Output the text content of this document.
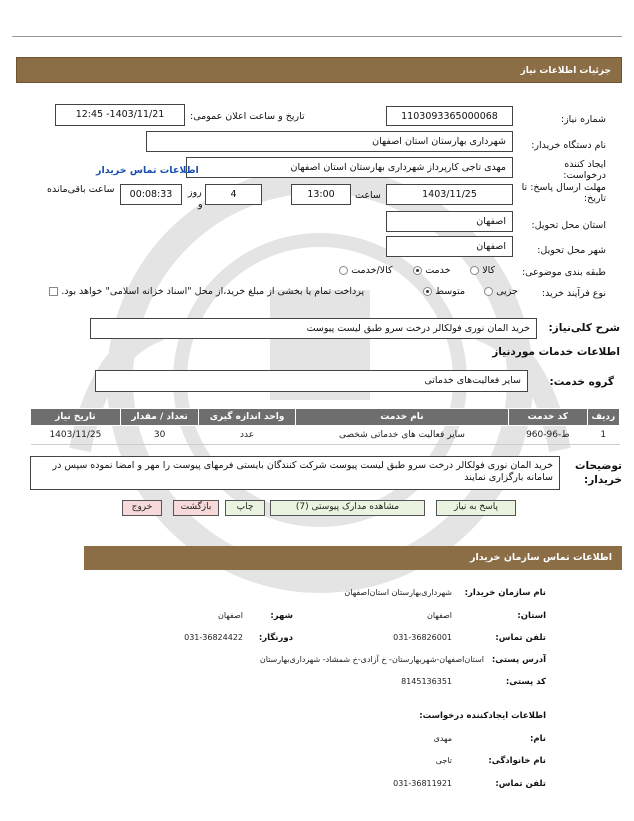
جزئیات اطلاعات نیاز
شماره نیاز:
1103093365000068
تاریخ و ساعت اعلان عمومی:
1403/11/21- 12:45
نام دستگاه خریدار:
شهرداری بهارستان استان اصفهان
ایجاد کننده
درخواست:
مهدی تاجی کارپرداز شهرداری بهارستان استان اصفهان
اطلاعات تماس خریدار
مهلت ارسال پاسخ: تا
تاریخ:
1403/11/25
ساعت
13:00
4
روز
و
00:08:33
ساعت باقی‌مانده
استان محل تحویل:
اصفهان
شهر محل تحویل:
اصفهان
طبقه بندی موضوعی:
کالا
خدمت
کالا/خدمت
نوع فرآیند خرید:
جزیی
متوسط
پرداخت تمام یا بخشی از مبلغ خرید،از محل "اسناد خزانه اسلامی" خواهد بود.
شرح کلی‌نیاز:
خرید المان نوری فولکالر درخت سرو طبق لیست پیوست
اطلاعات خدمات موردنیاز
گروه خدمت:
سایر فعالیت‌های خدماتی
ردیف	کد خدمت	نام خدمت	واحد اندازه گیری	تعداد / مقدار	تاریخ نیاز
1	ط-96-960	سایر فعالیت های خدماتی شخصی	عدد	30	1403/11/25
توضیحات
خریدار:
خرید المان نوری فولکالر درخت سرو طبق لیست پیوست شرکت کنندگان بایستی فرمهای پیوست را مهر و امضا نموده سپس در سامانه بارگزاری نمایند
پاسخ به نیاز
مشاهده مدارک پیوستی (7)
چاپ
بازگشت
خروج
اطلاعات تماس سازمان خریدار
نام سازمان خریدار:
شهرداری‌بهارستان استان‌اصفهان
استان:
اصفهان
شهر:
اصفهان
تلفن تماس:
031-36826001
دورنگار:
031-36824422
آدرس پستی:
استان‌اصفهان-شهر‌بهارستان- خ آزادی-خ شمشاد- شهرداری‌بهارستان
کد پستی:
8145136351
اطلاعات ایجادکننده درخواست:
نام:
مهدی
نام خانوادگی:
تاجی
تلفن تماس:
031-36811921
